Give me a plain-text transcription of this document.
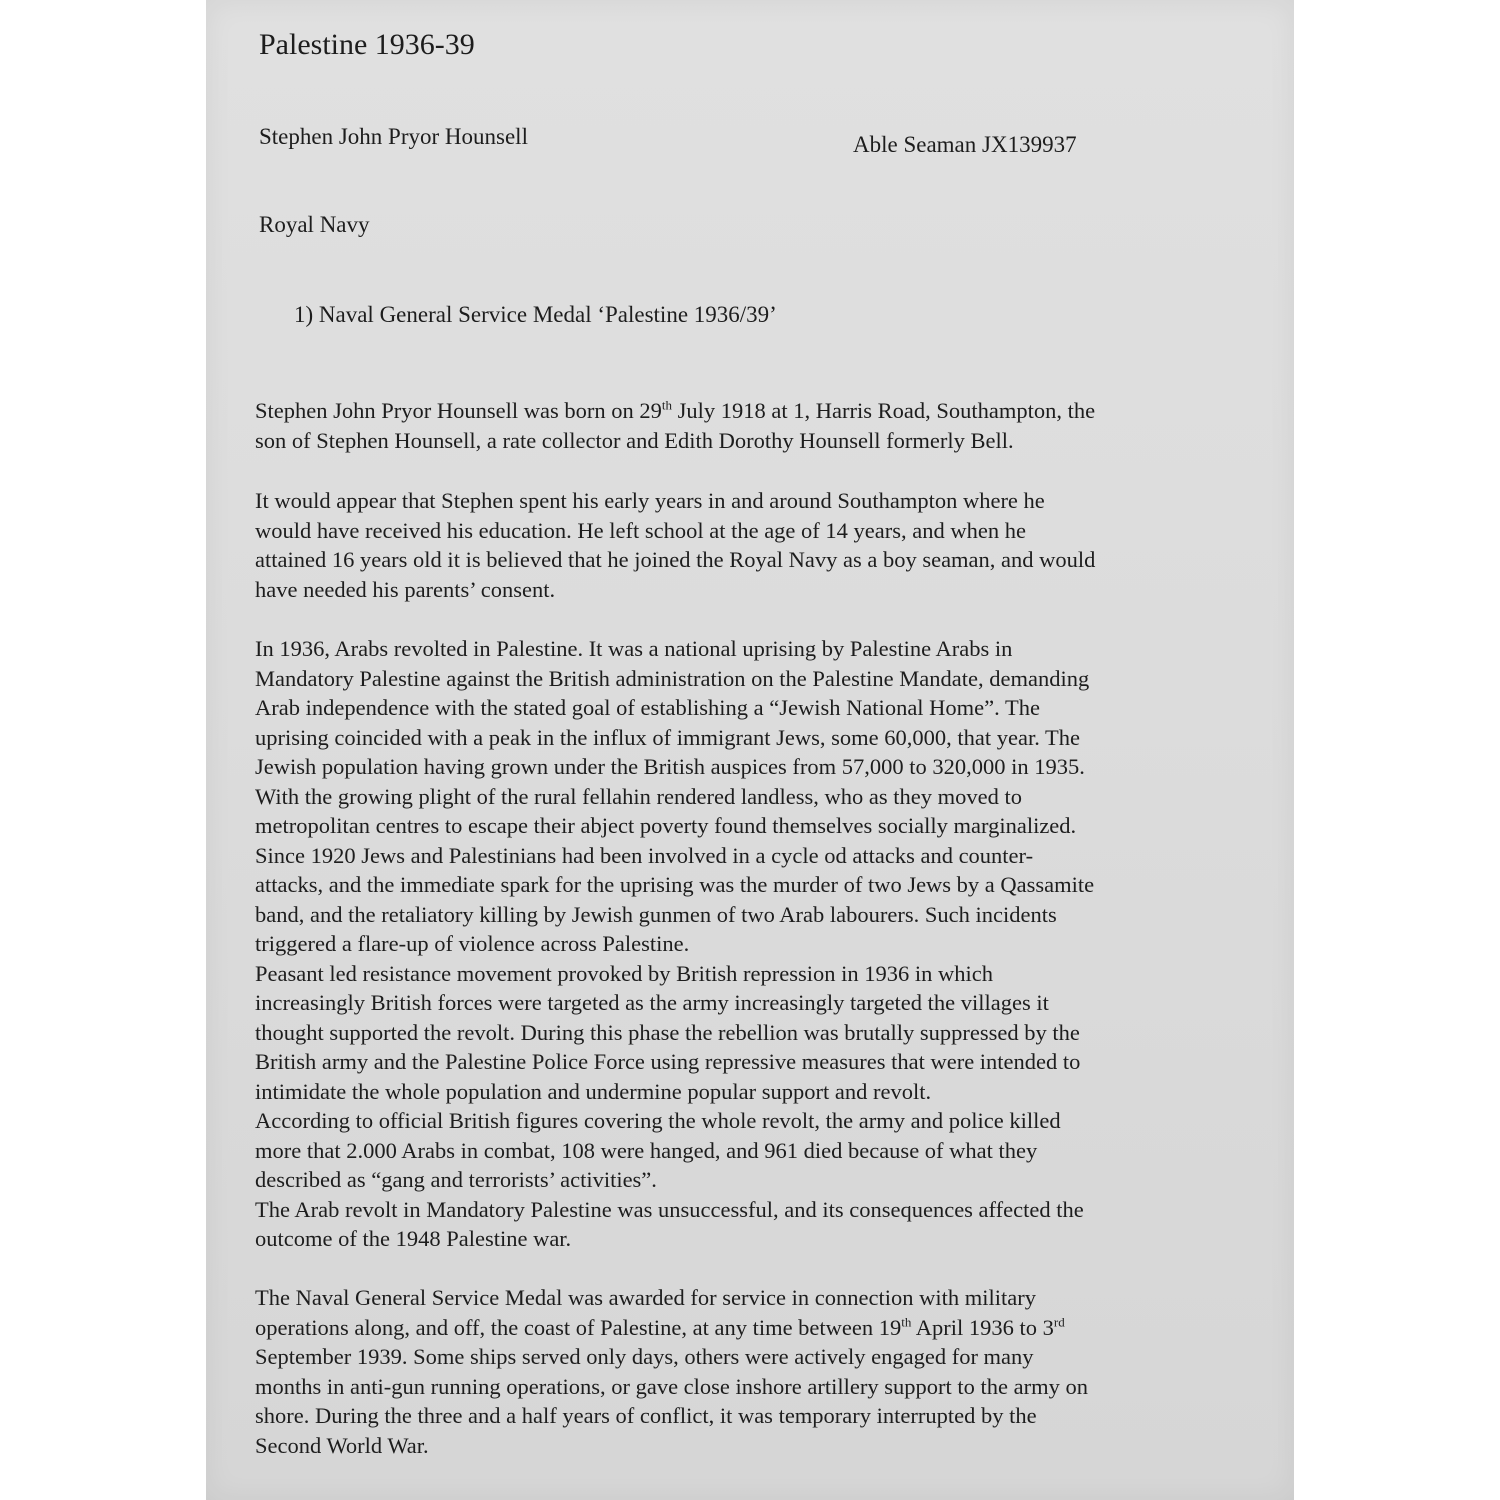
Palestine 1936-39
Stephen John Pryor Hounsell	Able Seaman JX139937
Royal Navy
1) Naval General Service Medal ‘Palestine 1936/39’
Stephen John Pryor Hounsell was born on 29th July 1918 at 1, Harris Road, Southampton, the
son of Stephen Hounsell, a rate collector and Edith Dorothy Hounsell formerly Bell.
It would appear that Stephen spent his early years in and around Southampton where he
would have received his education. He left school at the age of 14 years, and when he
attained 16 years old it is believed that he joined the Royal Navy as a boy seaman, and would
have needed his parents’ consent.
In 1936, Arabs revolted in Palestine. It was a national uprising by Palestine Arabs in
Mandatory Palestine against the British administration on the Palestine Mandate, demanding
Arab independence with the stated goal of establishing a “Jewish National Home”. The
uprising coincided with a peak in the influx of immigrant Jews, some 60,000, that year. The
Jewish population having grown under the British auspices from 57,000 to 320,000 in 1935.
With the growing plight of the rural fellahin rendered landless, who as they moved to
metropolitan centres to escape their abject poverty found themselves socially marginalized.
Since 1920 Jews and Palestinians had been involved in a cycle od attacks and counter-
attacks, and the immediate spark for the uprising was the murder of two Jews by a Qassamite
band, and the retaliatory killing by Jewish gunmen of two Arab labourers. Such incidents
triggered a flare-up of violence across Palestine.
Peasant led resistance movement provoked by British repression in 1936 in which
increasingly British forces were targeted as the army increasingly targeted the villages it
thought supported the revolt. During this phase the rebellion was brutally suppressed by the
British army and the Palestine Police Force using repressive measures that were intended to
intimidate the whole population and undermine popular support and revolt.
According to official British figures covering the whole revolt, the army and police killed
more that 2.000 Arabs in combat, 108 were hanged, and 961 died because of what they
described as “gang and terrorists’ activities”.
The Arab revolt in Mandatory Palestine was unsuccessful, and its consequences affected the
outcome of the 1948 Palestine war.
The Naval General Service Medal was awarded for service in connection with military
operations along, and off, the coast of Palestine, at any time between 19th April 1936 to 3rd
September 1939. Some ships served only days, others were actively engaged for many
months in anti-gun running operations, or gave close inshore artillery support to the army on
shore. During the three and a half years of conflict, it was temporary interrupted by the
Second World War.
